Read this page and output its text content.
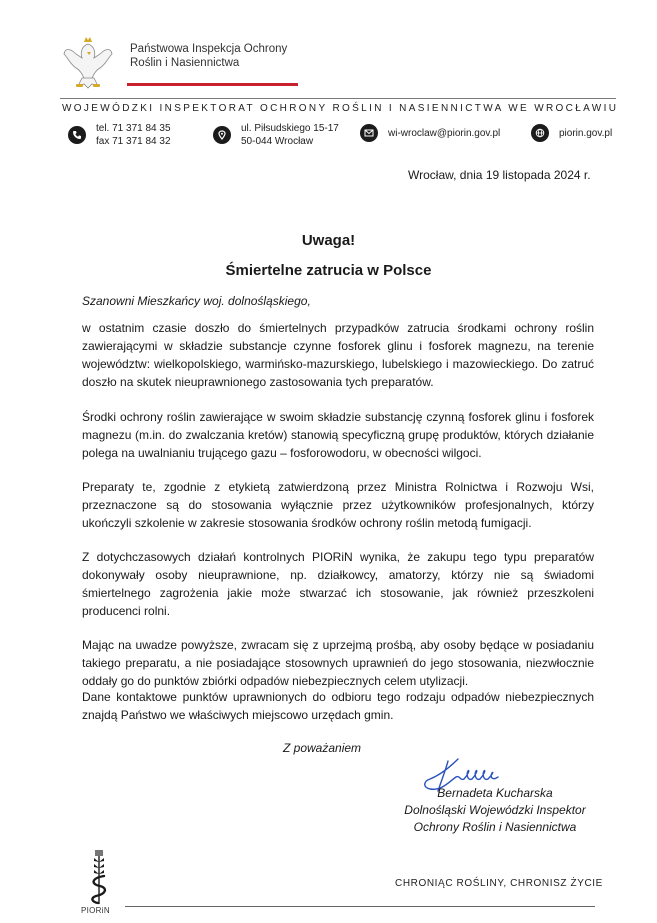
Państwowa Inspekcja Ochrony
Roślin i Nasiennictwa
WOJEWÓDZKI INSPEKTORAT OCHRONY ROŚLIN I NASIENNICTWA WE WROCŁAWIU
tel. 71 371 84 35
fax 71 371 84 32
ul. Piłsudskiego 15-17
50-044 Wrocław
wi-wroclaw@piorin.gov.pl	piorin.gov.pl
Wrocław, dnia 19 listopada 2024 r.
Uwaga!
Śmiertelne zatrucia w Polsce
Szanowni Mieszkańcy woj. dolnośląskiego,

w ostatnim czasie doszło do śmiertelnych przypadków zatrucia środkami ochrony roślin zawierającymi w składzie substancje czynne fosforek glinu i fosforek magnezu, na terenie województw: wielkopolskiego, warmińsko-mazurskiego, lubelskiego i mazowieckiego. Do zatruć doszło na skutek nieuprawnionego zastosowania tych preparatów.

Środki ochrony roślin zawierające w swoim składzie substancję czynną fosforek glinu i fosforek magnezu (m.in. do zwalczania kretów) stanowią specyficzną grupę produktów, których działanie polega na uwalnianiu trującego gazu – fosforowodoru, w obecności wilgoci.

Preparaty te, zgodnie z etykietą zatwierdzoną przez Ministra Rolnictwa i Rozwoju Wsi, przeznaczone są do stosowania wyłącznie przez użytkowników profesjonalnych, którzy ukończyli szkolenie w zakresie stosowania środków ochrony roślin metodą fumigacji.

Z dotychczasowych działań kontrolnych PIORiN wynika, że zakupu tego typu preparatów dokonywały osoby nieuprawnione, np. działkowcy, amatorzy, którzy nie są świadomi śmiertelnego zagrożenia jakie może stwarzać ich stosowanie, jak również przeszkoleni producenci rolni.

Mając na uwadze powyższe, zwracam się z uprzejmą prośbą, aby osoby będące w posiadaniu takiego preparatu, a nie posiadające stosownych uprawnień do jego stosowania, niezwłocznie oddały go do punktów zbiórki odpadów niebezpiecznych celem utylizacji.

Dane kontaktowe punktów uprawnionych do odbioru tego rodzaju odpadów niebezpiecznych znajdą Państwo we właściwych miejscowo urzędach gmin.

Z poważaniem
Bernadeta Kucharska
Dolnośląski Wojewódzki Inspektor
Ochrony Roślin i Nasiennictwa
PIORiN
CHRONIĄC ROŚLINY, CHRONISZ ŻYCIE
